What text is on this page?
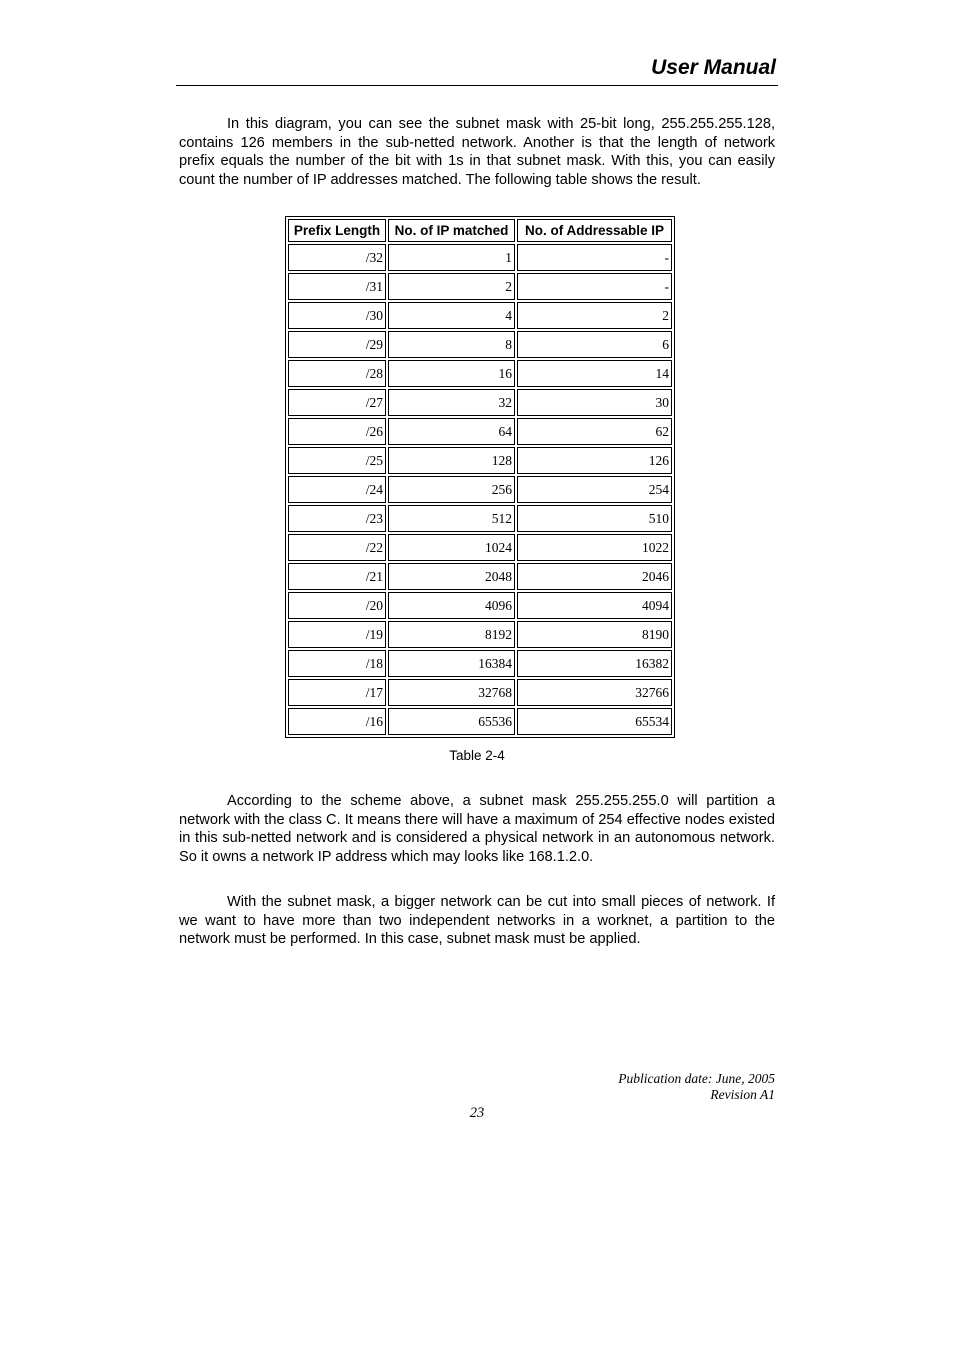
User Manual

In this diagram, you can see the subnet mask with 25-bit long, 255.255.255.128, contains 126 members in the sub-netted network. Another is that the length of network prefix equals the number of the bit with 1s in that subnet mask. With this, you can easily count the number of IP addresses matched. The following table shows the result.

Prefix Length	No. of IP matched	No. of Addressable IP
/32	1	-
/31	2	-
/30	4	2
/29	8	6
/28	16	14
/27	32	30
/26	64	62
/25	128	126
/24	256	254
/23	512	510
/22	1024	1022
/21	2048	2046
/20	4096	4094
/19	8192	8190
/18	16384	16382
/17	32768	32766
/16	65536	65534
Table 2-4

According to the scheme above, a subnet mask 255.255.255.0 will partition a network with the class C. It means there will have a maximum of 254 effective nodes existed in this sub-netted network and is considered a physical network in an autonomous network. So it owns a network IP address which may looks like 168.1.2.0.

With the subnet mask, a bigger network can be cut into small pieces of network. If we want to have more than two independent networks in a worknet, a partition to the network must be performed. In this case, subnet mask must be applied.

Publication date: June, 2005
Revision A1
23
